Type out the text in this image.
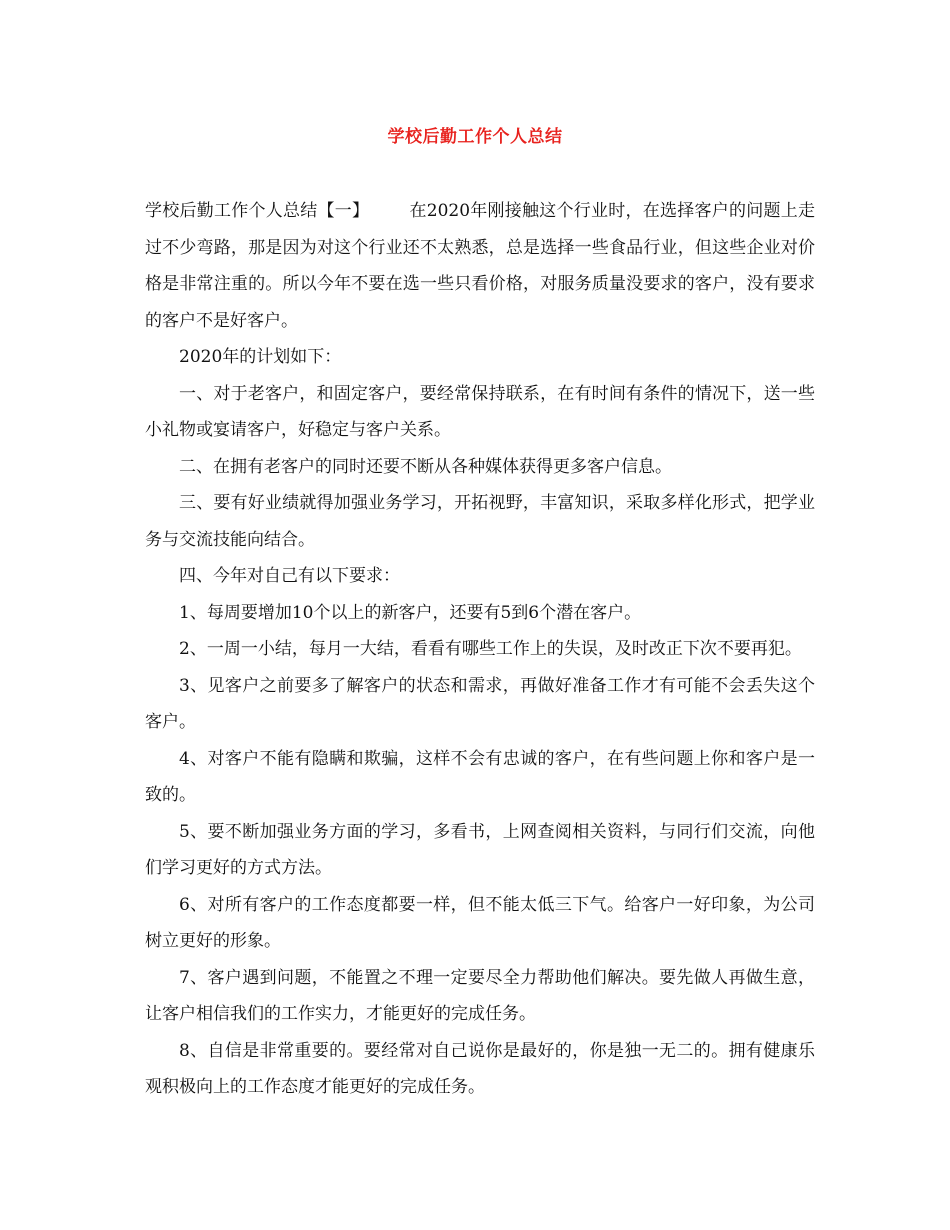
学校后勤工作个人总结

学校后勤工作个人总结【一】 在2020年刚接触这个行业时，在选择客户的问题上走过不少弯路，那是因为对这个行业还不太熟悉，总是选择一些食品行业，但这些企业对价格是非常注重的。所以今年不要在选一些只看价格，对服务质量没要求的客户，没有要求的客户不是好客户。

2020年的计划如下：

一、对于老客户，和固定客户，要经常保持联系，在有时间有条件的情况下，送一些小礼物或宴请客户，好稳定与客户关系。

二、在拥有老客户的同时还要不断从各种媒体获得更多客户信息。

三、要有好业绩就得加强业务学习，开拓视野，丰富知识，采取多样化形式，把学业务与交流技能向结合。

四、今年对自己有以下要求：

1、每周要增加10个以上的新客户，还要有5到6个潜在客户。

2、一周一小结，每月一大结，看看有哪些工作上的失误，及时改正下次不要再犯。

3、见客户之前要多了解客户的状态和需求，再做好准备工作才有可能不会丢失这个客户。

4、对客户不能有隐瞒和欺骗，这样不会有忠诚的客户，在有些问题上你和客户是一致的。

5、要不断加强业务方面的学习，多看书，上网查阅相关资料，与同行们交流，向他们学习更好的方式方法。

6、对所有客户的工作态度都要一样，但不能太低三下气。给客户一好印象，为公司树立更好的形象。

7、客户遇到问题，不能置之不理一定要尽全力帮助他们解决。要先做人再做生意，让客户相信我们的工作实力，才能更好的完成任务。

8、自信是非常重要的。要经常对自己说你是最好的，你是独一无二的。拥有健康乐观积极向上的工作态度才能更好的完成任务。
